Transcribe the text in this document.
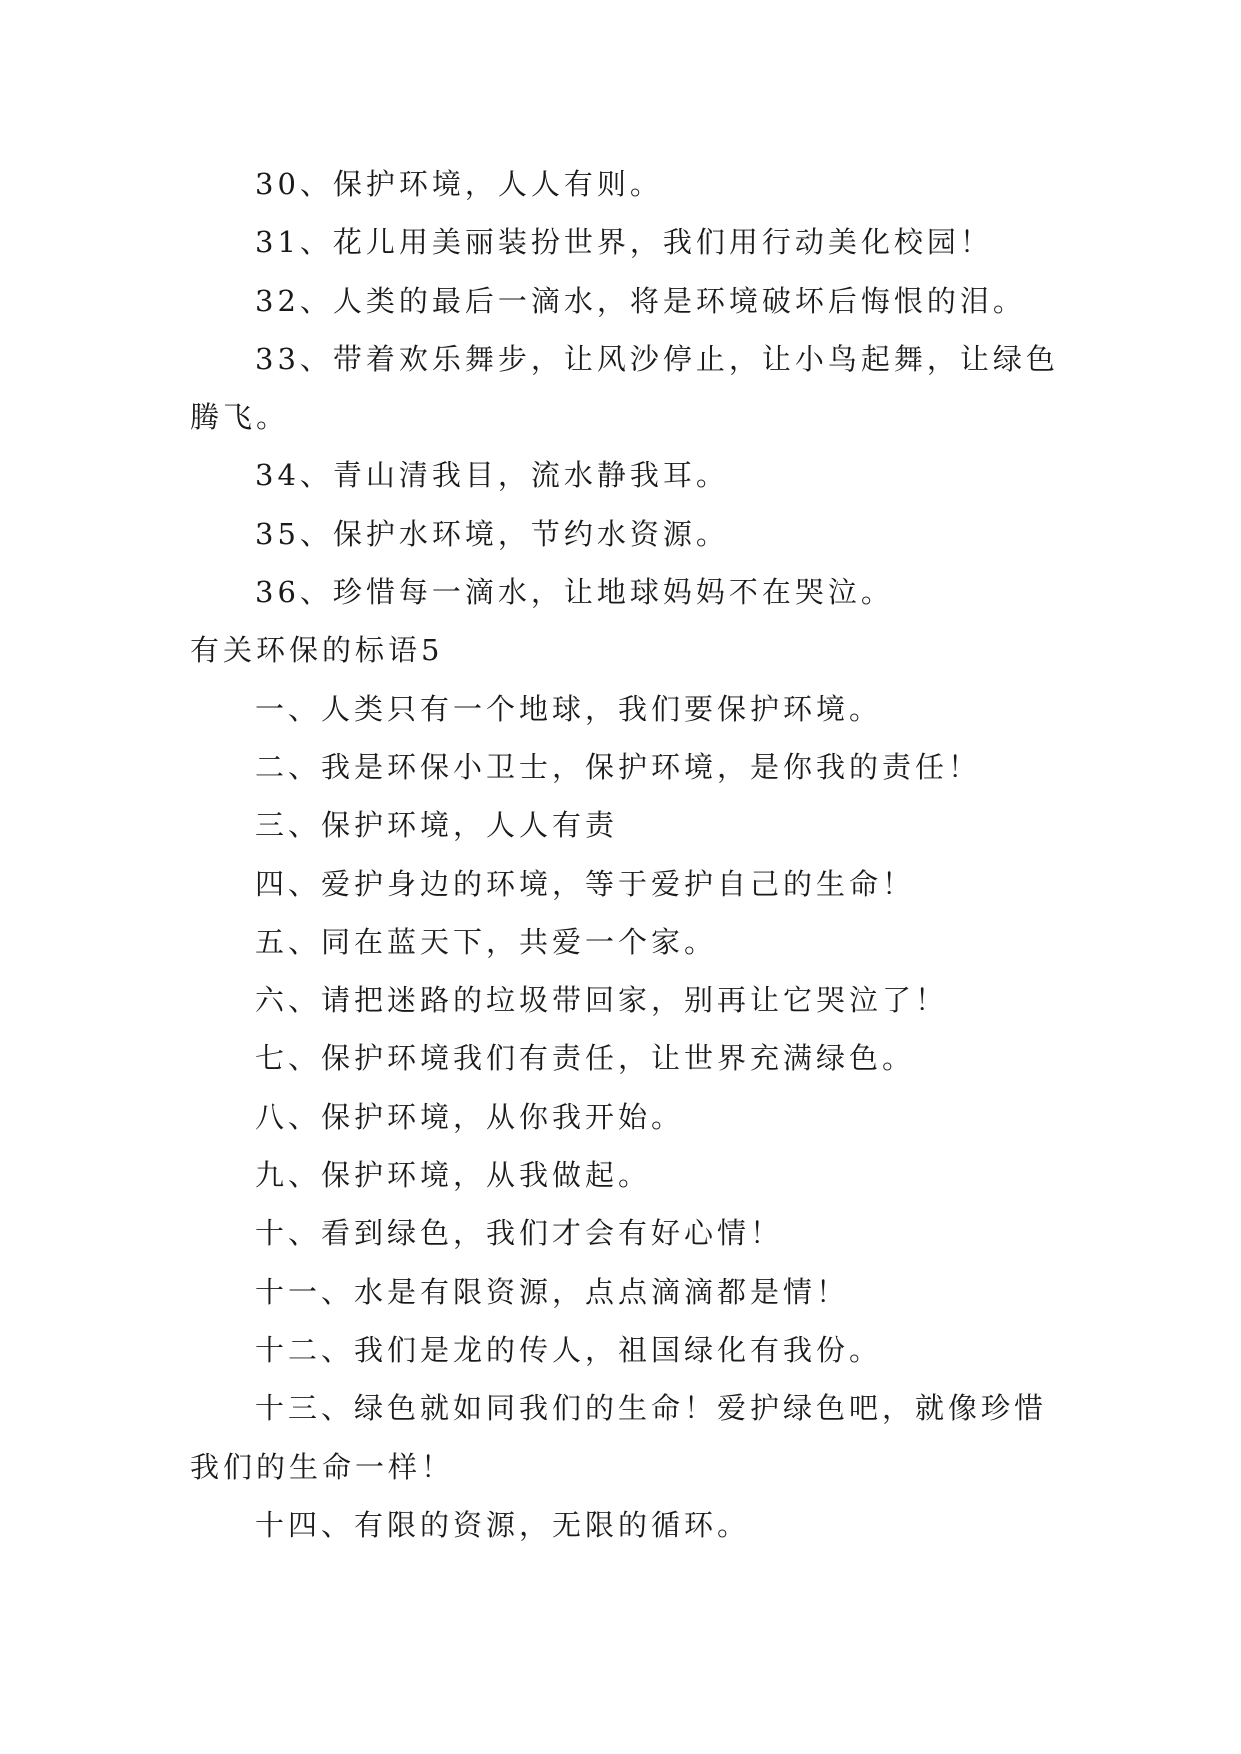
30、保护环境，人人有则。
31、花儿用美丽装扮世界，我们用行动美化校园！
32、人类的最后一滴水，将是环境破坏后悔恨的泪。
33、带着欢乐舞步，让风沙停止，让小鸟起舞，让绿色
腾飞。
34、青山清我目，流水静我耳。
35、保护水环境，节约水资源。
36、珍惜每一滴水，让地球妈妈不在哭泣。
有关环保的标语5
一、人类只有一个地球，我们要保护环境。
二、我是环保小卫士，保护环境，是你我的责任！
三、保护环境，人人有责
四、爱护身边的环境，等于爱护自己的生命！
五、同在蓝天下，共爱一个家。
六、请把迷路的垃圾带回家，别再让它哭泣了！
七、保护环境我们有责任，让世界充满绿色。
八、保护环境，从你我开始。
九、保护环境，从我做起。
十、看到绿色，我们才会有好心情！
十一、水是有限资源，点点滴滴都是情！
十二、我们是龙的传人，祖国绿化有我份。
十三、绿色就如同我们的生命！爱护绿色吧，就像珍惜
我们的生命一样！
十四、有限的资源，无限的循环。
